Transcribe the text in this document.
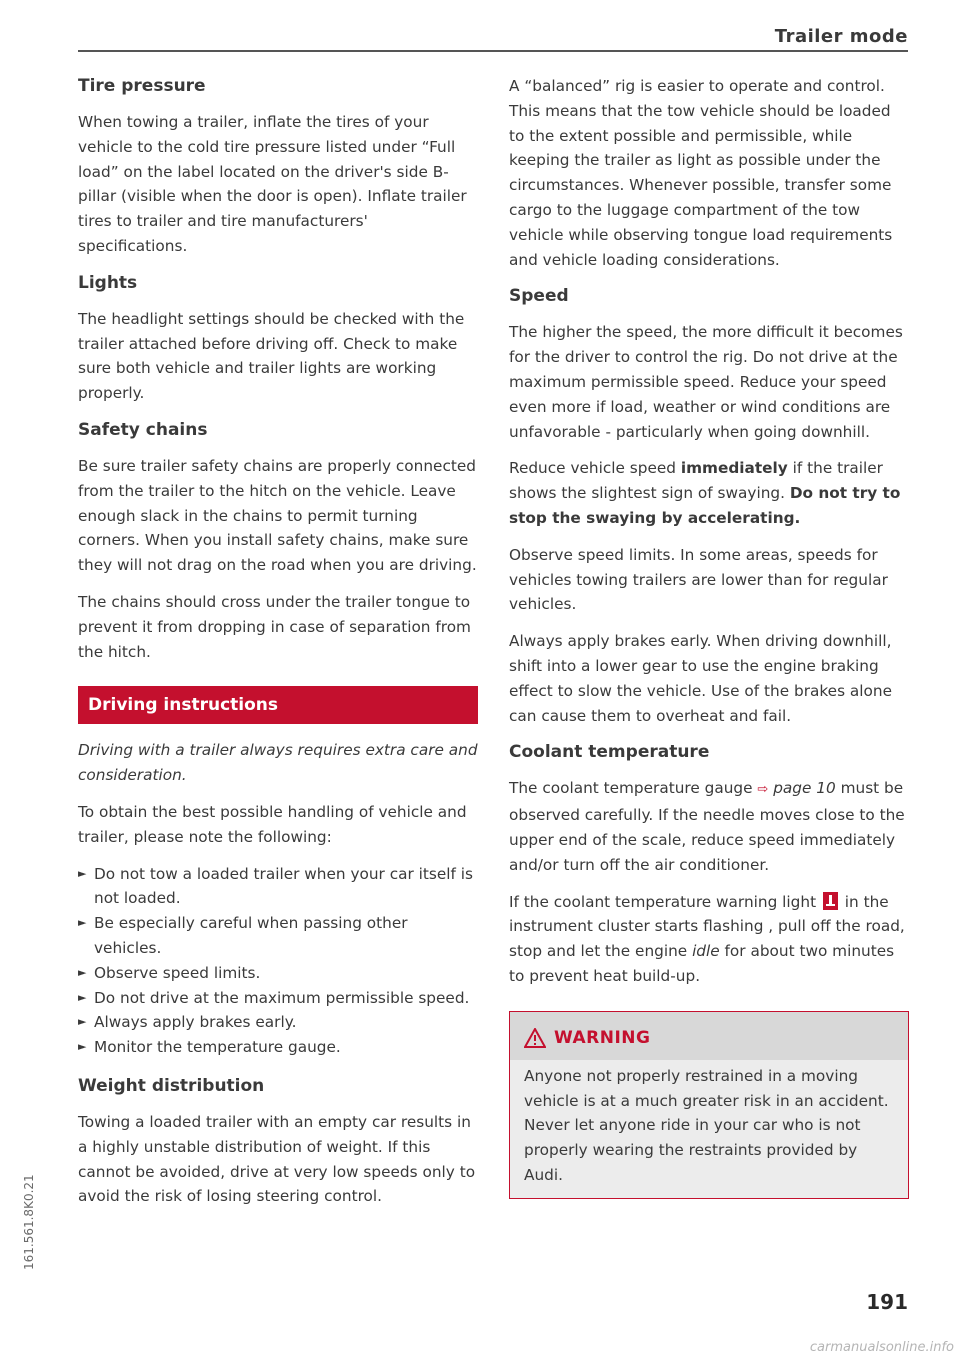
Trailer mode
Tire pressure

When towing a trailer, inflate the tires of your vehicle to the cold tire pressure listed under “Full load” on the label located on the driver's side B-pillar (visible when the door is open). Inflate trailer tires to trailer and tire manufacturers' specifications.

Lights

The headlight settings should be checked with the trailer attached before driving off. Check to make sure both vehicle and trailer lights are working properly.

Safety chains

Be sure trailer safety chains are properly connected from the trailer to the hitch on the vehicle. Leave enough slack in the chains to permit turning corners. When you install safety chains, make sure they will not drag on the road when you are driving.

The chains should cross under the trailer tongue to prevent it from dropping in case of separation from the hitch.

Driving instructions

Driving with a trailer always requires extra care and consideration.

To obtain the best possible handling of vehicle and trailer, please note the following:

► Do not tow a loaded trailer when your car itself is not loaded.
► Be especially careful when passing other vehicles.
► Observe speed limits.
► Do not drive at the maximum permissible speed.
► Always apply brakes early.
► Monitor the temperature gauge.
Weight distribution

Towing a loaded trailer with an empty car results in a highly unstable distribution of weight. If this cannot be avoided, drive at very low speeds only to avoid the risk of losing steering control.

A “balanced” rig is easier to operate and control. This means that the tow vehicle should be loaded to the extent possible and permissible, while keeping the trailer as light as possible under the circumstances. Whenever possible, transfer some cargo to the luggage compartment of the tow vehicle while observing tongue load requirements and vehicle loading considerations.

Speed

The higher the speed, the more difficult it becomes for the driver to control the rig. Do not drive at the maximum permissible speed. Reduce your speed even more if load, weather or wind conditions are unfavorable - particularly when going downhill.

Reduce vehicle speed immediately if the trailer shows the slightest sign of swaying. Do not try to stop the swaying by accelerating.

Observe speed limits. In some areas, speeds for vehicles towing trailers are lower than for regular vehicles.

Always apply brakes early. When driving downhill, shift into a lower gear to use the engine braking effect to slow the vehicle. Use of the brakes alone can cause them to overheat and fail.

Coolant temperature

The coolant temperature gauge ⇨ page 10 must be observed carefully. If the needle moves close to the upper end of the scale, reduce speed immediately and/or turn off the air conditioner.

If the coolant temperature warning light
in the instrument cluster starts flashing , pull off the road, stop and let the engine idle for about two minutes to prevent heat build-up.

WARNING

Anyone not properly restrained in a moving vehicle is at a much greater risk in an accident. Never let anyone ride in your car who is not properly wearing the restraints provided by Audi.

161.561.8K0.21
191
carmanualsonline.info
